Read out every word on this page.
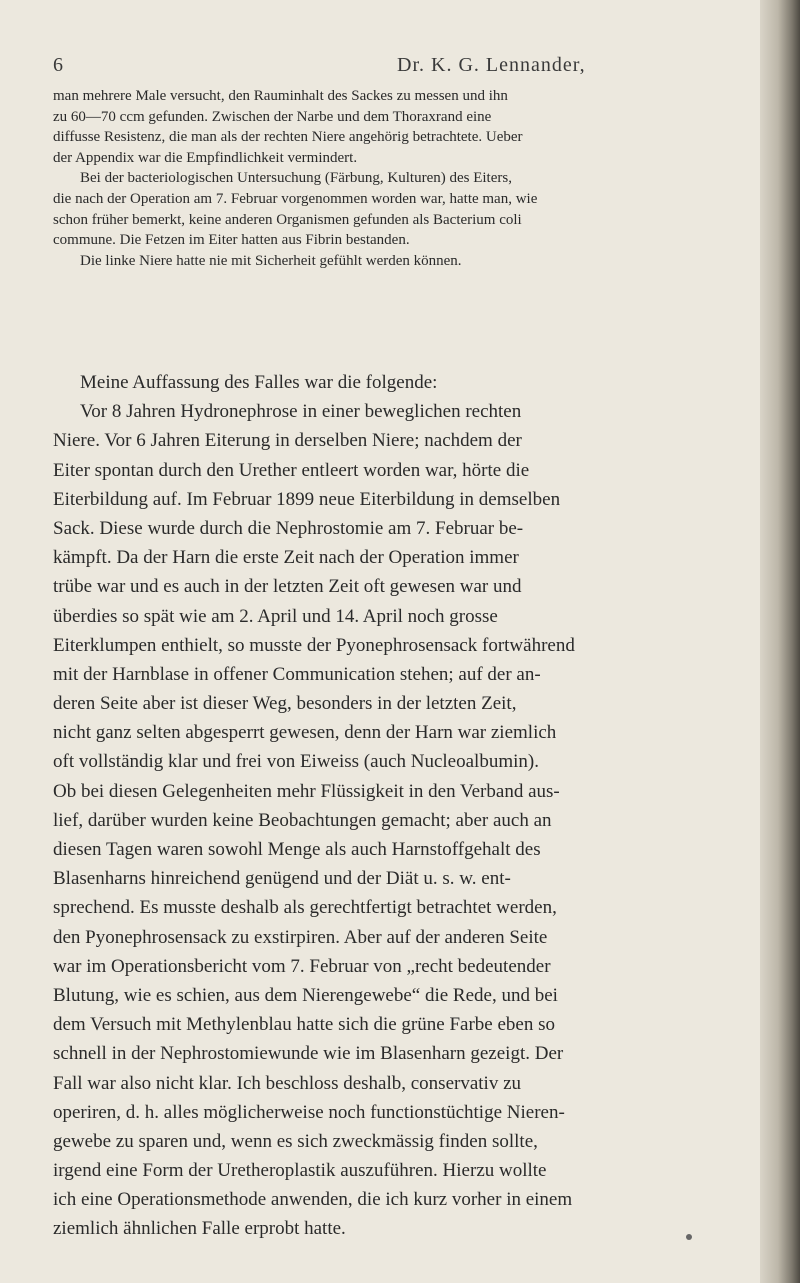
6	Dr. K. G. Lennander,
man mehrere Male versucht, den Rauminhalt des Sackes zu messen und ihn
zu 60—70 ccm gefunden. Zwischen der Narbe und dem Thoraxrand eine
diffusse Resistenz, die man als der rechten Niere angehörig betrachtete. Ueber
der Appendix war die Empfindlichkeit vermindert.
Bei der bacteriologischen Untersuchung (Färbung, Kulturen) des Eiters,
die nach der Operation am 7. Februar vorgenommen worden war, hatte man, wie
schon früher bemerkt, keine anderen Organismen gefunden als Bacterium coli
commune. Die Fetzen im Eiter hatten aus Fibrin bestanden.
Die linke Niere hatte nie mit Sicherheit gefühlt werden können.
Meine Auffassung des Falles war die folgende:
Vor 8 Jahren Hydronephrose in einer beweglichen rechten
Niere. Vor 6 Jahren Eiterung in derselben Niere; nachdem der
Eiter spontan durch den Urether entleert worden war, hörte die
Eiterbildung auf. Im Februar 1899 neue Eiterbildung in demselben
Sack. Diese wurde durch die Nephrostomie am 7. Februar be-
kämpft. Da der Harn die erste Zeit nach der Operation immer
trübe war und es auch in der letzten Zeit oft gewesen war und
überdies so spät wie am 2. April und 14. April noch grosse
Eiterklumpen enthielt, so musste der Pyonephrosensack fortwährend
mit der Harnblase in offener Communication stehen; auf der an-
deren Seite aber ist dieser Weg, besonders in der letzten Zeit,
nicht ganz selten abgesperrt gewesen, denn der Harn war ziemlich
oft vollständig klar und frei von Eiweiss (auch Nucleoalbumin).
Ob bei diesen Gelegenheiten mehr Flüssigkeit in den Verband aus-
lief, darüber wurden keine Beobachtungen gemacht; aber auch an
diesen Tagen waren sowohl Menge als auch Harnstoffgehalt des
Blasenharns hinreichend genügend und der Diät u. s. w. ent-
sprechend. Es musste deshalb als gerechtfertigt betrachtet werden,
den Pyonephrosensack zu exstirpiren. Aber auf der anderen Seite
war im Operationsbericht vom 7. Februar von „recht bedeutender
Blutung, wie es schien, aus dem Nierengewebe“ die Rede, und bei
dem Versuch mit Methylenblau hatte sich die grüne Farbe eben so
schnell in der Nephrostomiewunde wie im Blasenharn gezeigt. Der
Fall war also nicht klar. Ich beschloss deshalb, conservativ zu
operiren, d. h. alles möglicherweise noch functionstüchtige Nieren-
gewebe zu sparen und, wenn es sich zweckmässig finden sollte,
irgend eine Form der Uretheroplastik auszuführen. Hierzu wollte
ich eine Operationsmethode anwenden, die ich kurz vorher in einem
ziemlich ähnlichen Falle erprobt hatte.
